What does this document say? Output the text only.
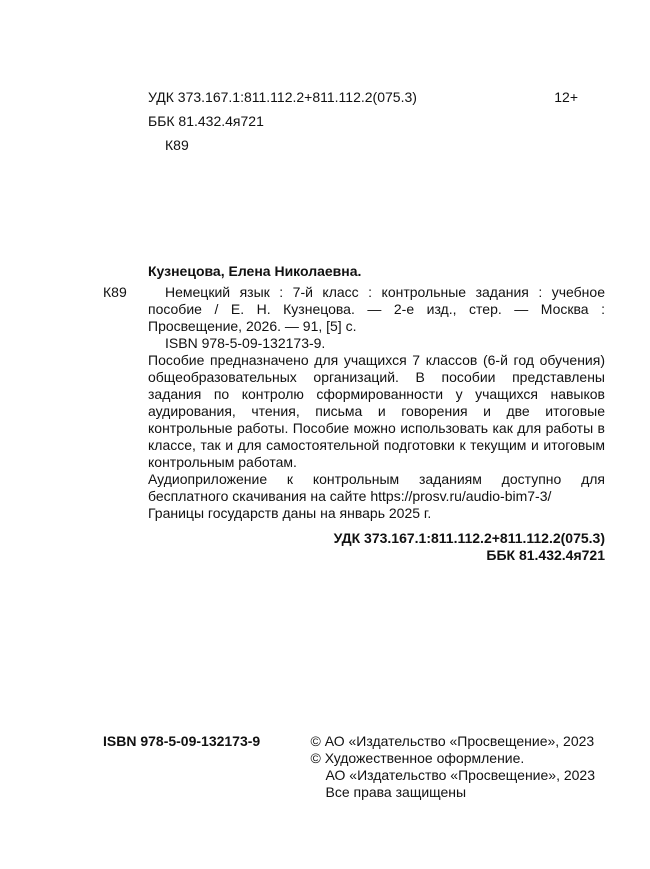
УДК 373.167.1:811.112.2+811.112.2(075.3)	12+
ББК 81.432.4я721
К89
Кузнецова, Елена Николаевна.
К89	Немецкий язык : 7-й класс : контрольные задания : учебное пособие / Е. Н. Кузнецова. — 2-е изд., стер. — Москва : Просвещение, 2026. — 91, [5] с.

ISBN 978-5-09-132173-9.

Пособие предназначено для учащихся 7 классов (6-й год обучения) общеобразовательных организаций. В пособии представлены задания по контролю сформированности у учащихся навыков аудирования, чтения, письма и говорения и две итоговые контрольные работы. Пособие можно использовать как для работы в классе, так и для самостоятельной подготовки к текущим и итоговым контрольным работам.

Аудиоприложение к контрольным заданиям доступно для бесплатного скачивания на сайте https://prosv.ru/audio-bim7-3/

Границы государств даны на январь 2025 г.

УДК 373.167.1:811.112.2+811.112.2(075.3)
ББК 81.432.4я721
ISBN 978-5-09-132173-9	© АО «Издательство «Просвещение», 2023
© Художественное оформление.
АО «Издательство «Просвещение», 2023
Все права защищены
